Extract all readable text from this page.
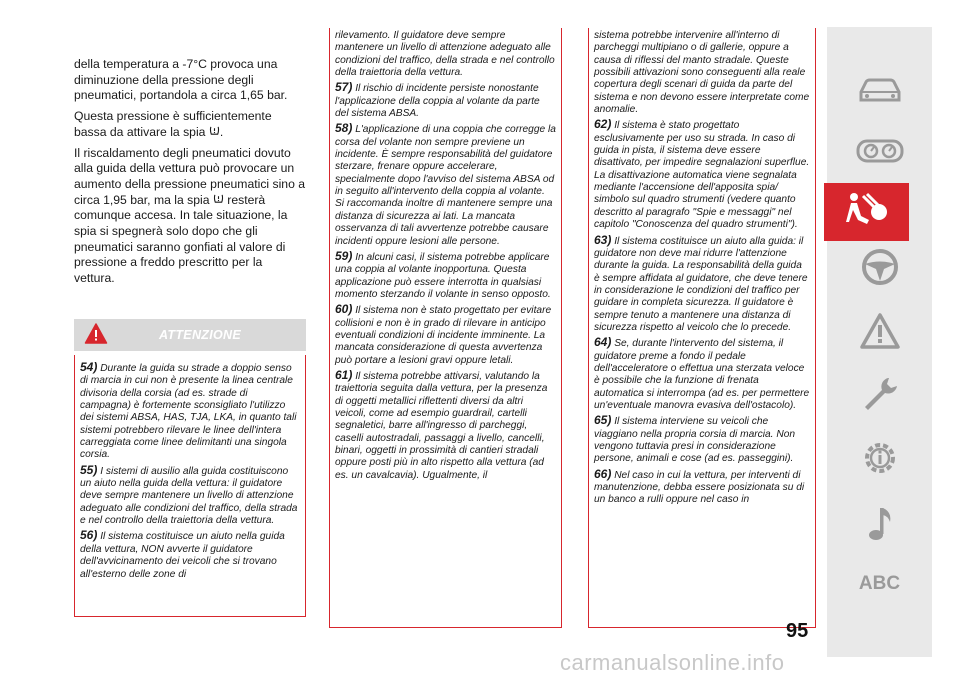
della temperatura a -7°C provoca una diminuzione della pressione degli pneumatici, portandola a circa 1,65 bar.

Questa pressione è sufficientemente bassa da attivare la spia .

Il riscaldamento degli pneumatici dovuto alla guida della vettura può provocare un aumento della pressione pneumatici sino a circa 1,95 bar, ma la spia resterà comunque accesa. In tale situazione, la spia si spegnerà solo dopo che gli pneumatici saranno gonfiati al valore di pressione a freddo prescritto per la vettura.

ATTENZIONE

54) Durante la guida su strade a doppio senso di marcia in cui non è presente la linea centrale divisoria della corsia (ad es. strade di campagna) è fortemente sconsigliato l'utilizzo dei sistemi ABSA, HAS, TJA, LKA, in quanto tali sistemi potrebbero rilevare le linee dell'intera carreggiata come linee delimitanti una singola corsia.

55) I sistemi di ausilio alla guida costituiscono un aiuto nella guida della vettura: il guidatore deve sempre mantenere un livello di attenzione adeguato alle condizioni del traffico, della strada e nel controllo della traiettoria della vettura.

56) Il sistema costituisce un aiuto nella guida della vettura, NON avverte il guidatore dell'avvicinamento dei veicoli che si trovano all'esterno delle zone di

rilevamento. Il guidatore deve sempre mantenere un livello di attenzione adeguato alle condizioni del traffico, della strada e nel controllo della traiettoria della vettura.

57) Il rischio di incidente persiste nonostante l'applicazione della coppia al volante da parte del sistema ABSA.

58) L'applicazione di una coppia che corregge la corsa del volante non sempre previene un incidente. È sempre responsabilità del guidatore sterzare, frenare oppure accelerare, specialmente dopo l'avviso del sistema ABSA od in seguito all'intervento della coppia al volante. Si raccomanda inoltre di mantenere sempre una distanza di sicurezza ai lati. La mancata osservanza di tali avvertenze potrebbe causare incidenti oppure lesioni alle persone.

59) In alcuni casi, il sistema potrebbe applicare una coppia al volante inopportuna. Questa applicazione può essere interrotta in qualsiasi momento sterzando il volante in senso opposto.

60) Il sistema non è stato progettato per evitare collisioni e non è in grado di rilevare in anticipo eventuali condizioni di incidente imminente. La mancata considerazione di questa avvertenza può portare a lesioni gravi oppure letali.

61) Il sistema potrebbe attivarsi, valutando la traiettoria seguita dalla vettura, per la presenza di oggetti metallici riflettenti diversi da altri veicoli, come ad esempio guardrail, cartelli segnaletici, barre all'ingresso di parcheggi, caselli autostradali, passaggi a livello, cancelli, binari, oggetti in prossimità di cantieri stradali oppure posti più in alto rispetto alla vettura (ad es. un cavalcavia). Ugualmente, il

sistema potrebbe intervenire all'interno di parcheggi multipiano o di gallerie, oppure a causa di riflessi del manto stradale. Queste possibili attivazioni sono conseguenti alla reale copertura degli scenari di guida da parte del sistema e non devono essere interpretate come anomalie.

62) Il sistema è stato progettato esclusivamente per uso su strada. In caso di guida in pista, il sistema deve essere disattivato, per impedire segnalazioni superflue. La disattivazione automatica viene segnalata mediante l'accensione dell'apposita spia/ simbolo sul quadro strumenti (vedere quanto descritto al paragrafo "Spie e messaggi" nel capitolo "Conoscenza del quadro strumenti").

63) Il sistema costituisce un aiuto alla guida: il guidatore non deve mai ridurre l'attenzione durante la guida. La responsabilità della guida è sempre affidata al guidatore, che deve tenere in considerazione le condizioni del traffico per guidare in completa sicurezza. Il guidatore è sempre tenuto a mantenere una distanza di sicurezza rispetto al veicolo che lo precede.

64) Se, durante l'intervento del sistema, il guidatore preme a fondo il pedale dell'acceleratore o effettua una sterzata veloce è possibile che la funzione di frenata automatica si interrompa (ad es. per permettere un'eventuale manovra evasiva dell'ostacolo).

65) Il sistema interviene su veicoli che viaggiano nella propria corsia di marcia. Non vengono tuttavia presi in considerazione persone, animali e cose (ad es. passeggini).

66) Nel caso in cui la vettura, per interventi di manutenzione, debba essere posizionata su di un banco a rulli oppure nel caso in

ABC
95
carmanualsonline.info
